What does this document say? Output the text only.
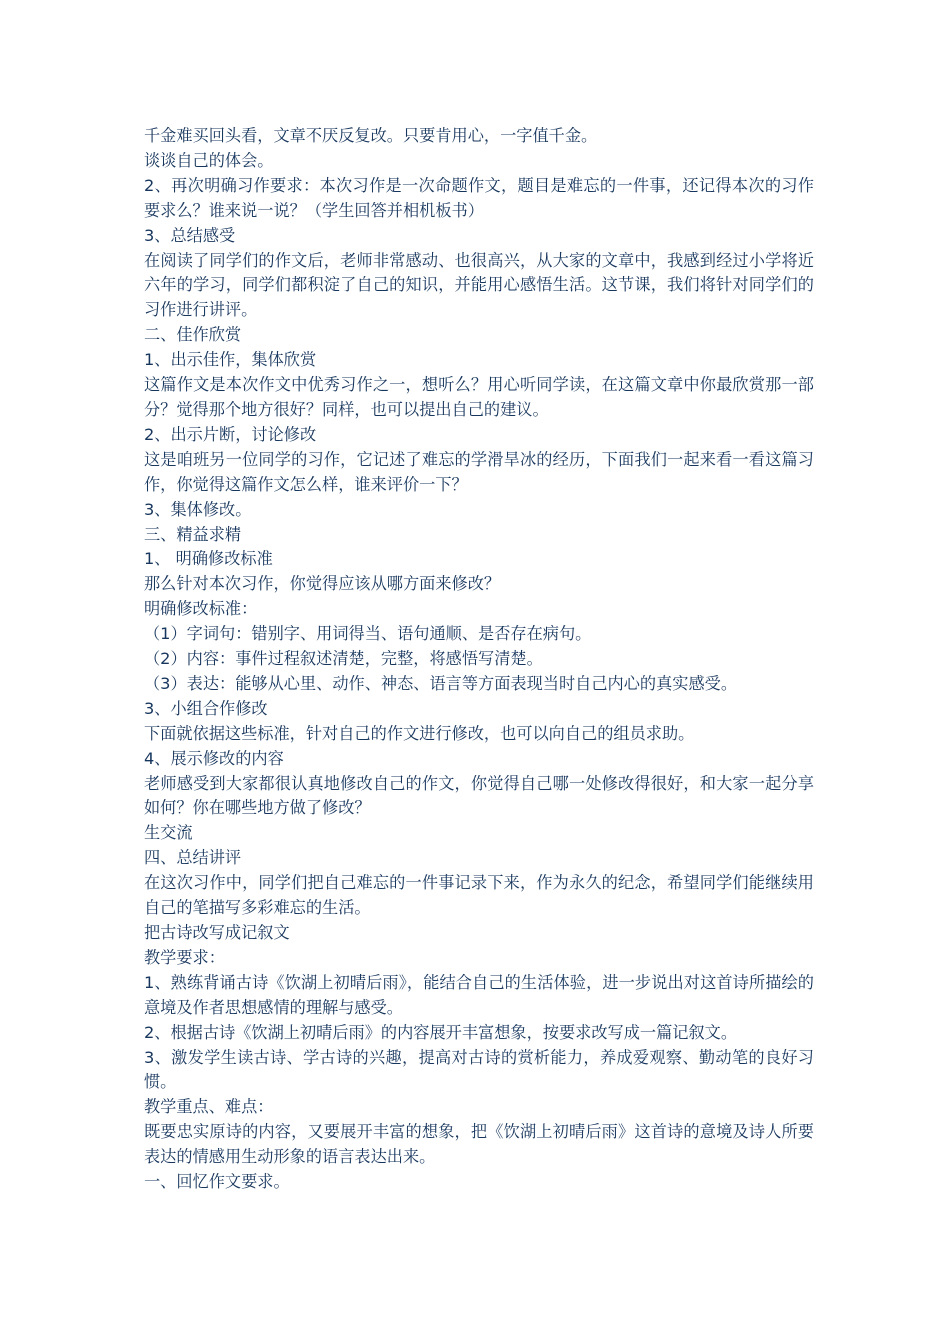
千金难买回头看，文章不厌反复改。只要肯用心，一字值千金。

谈谈自己的体会。

2、再次明确习作要求：本次习作是一次命题作文，题目是难忘的一件事，还记得本次的习作要求么？谁来说一说？（学生回答并相机板书）

3、总结感受

在阅读了同学们的作文后，老师非常感动、也很高兴，从大家的文章中，我感到经过小学将近六年的学习，同学们都积淀了自己的知识，并能用心感悟生活。这节课，我们将针对同学们的习作进行讲评。

二、佳作欣赏

1、出示佳作，集体欣赏

这篇作文是本次作文中优秀习作之一，想听么？用心听同学读，在这篇文章中你最欣赏那一部分？觉得那个地方很好？同样，也可以提出自己的建议。

2、出示片断，讨论修改

这是咱班另一位同学的习作，它记述了难忘的学滑旱冰的经历，下面我们一起来看一看这篇习作，你觉得这篇作文怎么样，谁来评价一下？

3、集体修改。

三、精益求精

1、 明确修改标准

那么针对本次习作，你觉得应该从哪方面来修改？

明确修改标准：

（1）字词句：错别字、用词得当、语句通顺、是否存在病句。

（2）内容：事件过程叙述清楚，完整，将感悟写清楚。

（3）表达：能够从心里、动作、神态、语言等方面表现当时自己内心的真实感受。

3、小组合作修改

下面就依据这些标准，针对自己的作文进行修改，也可以向自己的组员求助。

4、展示修改的内容

老师感受到大家都很认真地修改自己的作文，你觉得自己哪一处修改得很好，和大家一起分享如何？你在哪些地方做了修改？

生交流

四、总结讲评

在这次习作中，同学们把自己难忘的一件事记录下来，作为永久的纪念，希望同学们能继续用自己的笔描写多彩难忘的生活。

把古诗改写成记叙文

教学要求：

1、熟练背诵古诗《饮湖上初晴后雨》，能结合自己的生活体验，进一步说出对这首诗所描绘的意境及作者思想感情的理解与感受。

2、根据古诗《饮湖上初晴后雨》的内容展开丰富想象，按要求改写成一篇记叙文。

3、激发学生读古诗、学古诗的兴趣，提高对古诗的赏析能力，养成爱观察、勤动笔的良好习惯。

教学重点、难点：

既要忠实原诗的内容，又要展开丰富的想象，把《饮湖上初晴后雨》这首诗的意境及诗人所要表达的情感用生动形象的语言表达出来。

一、回忆作文要求。
